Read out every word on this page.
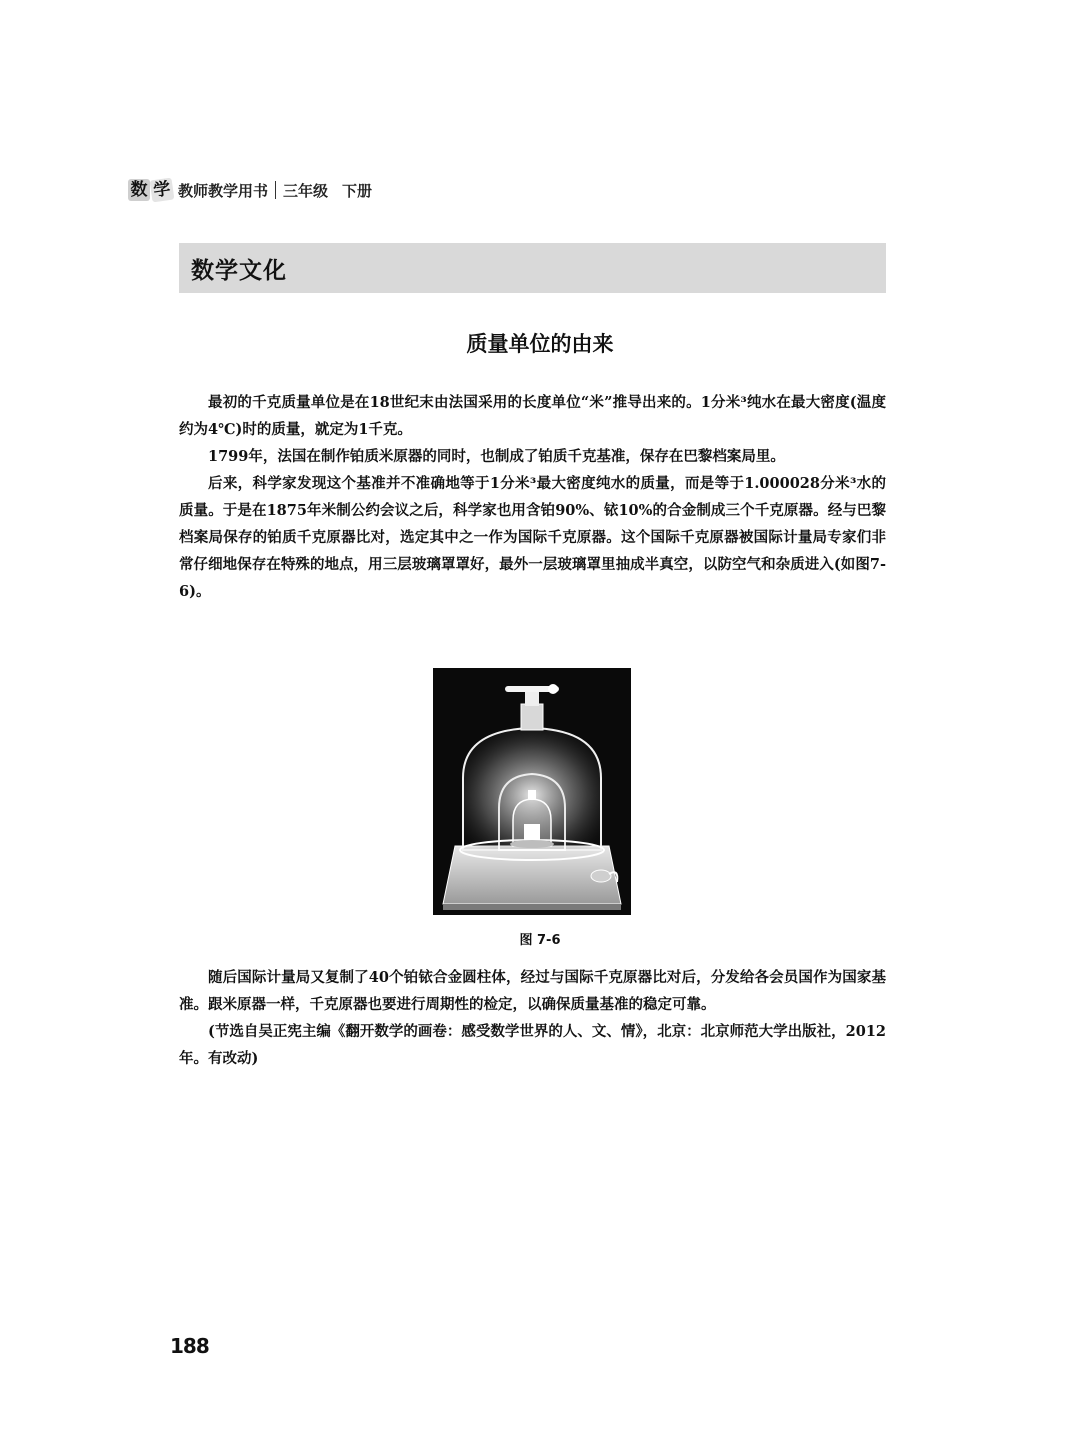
数 学 教师教学用书 三年级 下册
数学文化
质量单位的由来

最初的千克质量单位是在18世纪末由法国采用的长度单位“米”推导出来的。1分米³纯水在最大密度(温度约为4℃)时的质量，就定为1千克。

1799年，法国在制作铂质米原器的同时，也制成了铂质千克基准，保存在巴黎档案局里。

后来，科学家发现这个基准并不准确地等于1分米³最大密度纯水的质量，而是等于1.000028分米³水的质量。于是在1875年米制公约会议之后，科学家也用含铂90%、铱10%的合金制成三个千克原器。经与巴黎档案局保存的铂质千克原器比对，选定其中之一作为国际千克原器。这个国际千克原器被国际计量局专家们非常仔细地保存在特殊的地点，用三层玻璃罩罩好，最外一层玻璃罩里抽成半真空，以防空气和杂质进入(如图7-6)。

图 7-6

随后国际计量局又复制了40个铂铱合金圆柱体，经过与国际千克原器比对后，分发给各会员国作为国家基准。跟米原器一样，千克原器也要进行周期性的检定，以确保质量基准的稳定可靠。

(节选自吴正宪主编《翻开数学的画卷：感受数学世界的人、文、情》，北京：北京师范大学出版社，2012年。有改动)

188
